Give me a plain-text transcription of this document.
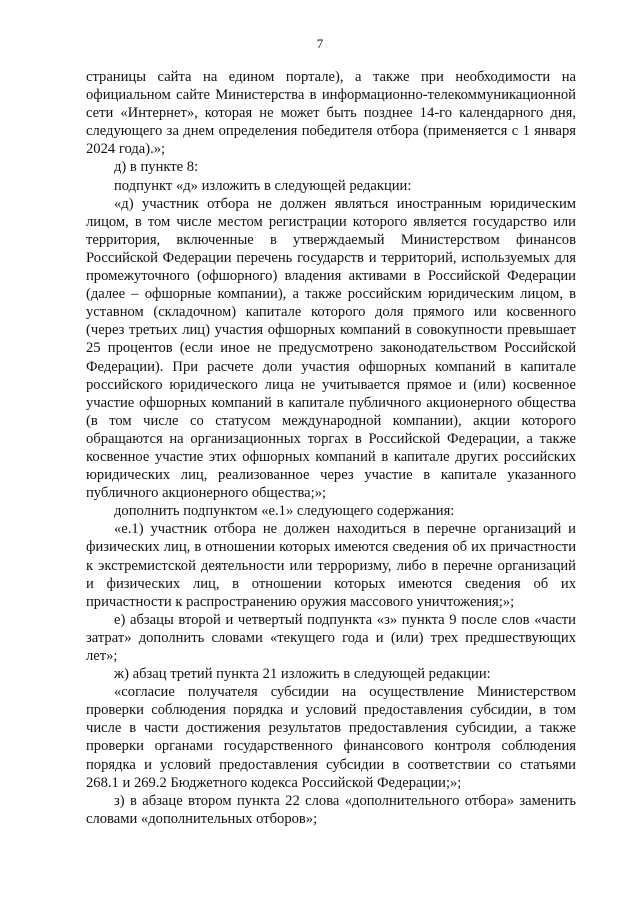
7

страницы сайта на едином портале), а также при необходимости на официальном сайте Министерства в информационно-телекоммуникационной сети «Интернет», которая не может быть позднее 14-го календарного дня, следующего за днем определения победителя отбора (применяется с 1 января 2024 года).»;

д) в пункте 8:

подпункт «д» изложить в следующей редакции:

«д) участник отбора не должен являться иностранным юридическим лицом, в том числе местом регистрации которого является государство или территория, включенные в утверждаемый Министерством финансов Российской Федерации перечень государств и территорий, используемых для промежуточного (офшорного) владения активами в Российской Федерации (далее – офшорные компании), а также российским юридическим лицом, в уставном (складочном) капитале которого доля прямого или косвенного (через третьих лиц) участия офшорных компаний в совокупности превышает 25 процентов (если иное не предусмотрено законодательством Российской Федерации). При расчете доли участия офшорных компаний в капитале российского юридического лица не учитывается прямое и (или) косвенное участие офшорных компаний в капитале публичного акционерного общества (в том числе со статусом международной компании), акции которого обращаются на организационных торгах в Российской Федерации, а также косвенное участие этих офшорных компаний в капитале других российских юридических лиц, реализованное через участие в капитале указанного публичного акционерного общества;»;

дополнить подпунктом «е.1» следующего содержания:

«е.1) участник отбора не должен находиться в перечне организаций и физических лиц, в отношении которых имеются сведения об их причастности к экстремистской деятельности или терроризму, либо в перечне организаций и физических лиц, в отношении которых имеются сведения об их причастности к распространению оружия массового уничтожения;»;

е) абзацы второй и четвертый подпункта «з» пункта 9 после слов «части затрат» дополнить словами «текущего года и (или) трех предшествующих лет»;

ж) абзац третий пункта 21 изложить в следующей редакции:

«согласие получателя субсидии на осуществление Министерством проверки соблюдения порядка и условий предоставления субсидии, в том числе в части достижения результатов предоставления субсидии, а также проверки органами государственного финансового контроля соблюдения порядка и условий предоставления субсидии в соответствии со статьями 268.1 и 269.2 Бюджетного кодекса Российской Федерации;»;

з) в абзаце втором пункта 22 слова «дополнительного отбора» заменить словами «дополнительных отборов»;
